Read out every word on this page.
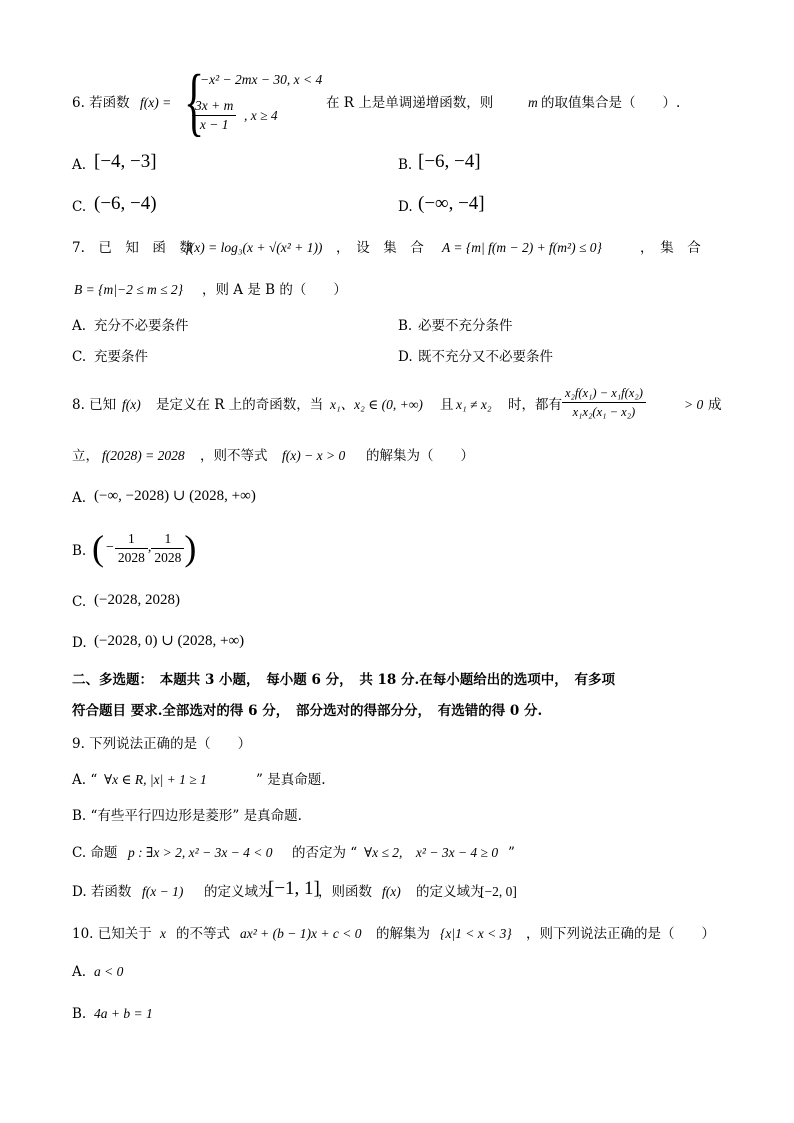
6. 若函数 f(x) = {
−x² − 2mx − 30, x < 4
$\frac{3x + m}{x - 1}$ , x ≥ 4
在 R 上是单调递增函数，则	m 的取值集合是（　　）.
A. [−4, −3]	B. [−6, −4]
C. (−6, −4)	D. (−∞, −4]
7.　已　知　函　数
f(x) = log₃(x + √(x² + 1)) ，　设　集　合 A = {m| f(m − 2) + f(m²) ≤ 0}	，　集　合
B = {m|−2 ≤ m ≤ 2} ，则 A 是 B 的（　　）
A. 充分不必要条件	B. 必要不充分条件
C. 充要条件	D. 既不充分又不必要条件
8. 已知 f(x) 是定义在 R 上的奇函数，当 x₁、x₂ ∈ (0, +∞) 且 x₁ ≠ x₂ 时，都有 $\frac{\text{x₂f(x₁) − x₁f(x₂)}}{\text{x₁x₂(x₁ − x₂)}}$	> 0 成
立， f(2028) = 2028 ，则不等式 f(x) − x > 0 的解集为（　　）
A. (−∞, −2028) ∪ (2028, +∞)
B. ( − $\frac{1}{2028}$ , $\frac{1}{2028}$ )
C. (−2028, 2028)
D. (−2028, 0) ∪ (2028, +∞)
二、多选题：　本题共 3 小题，　每小题 6 分，　共 18 分.在每小题给出的选项中，　有多项
符合题目 要求.全部选对的得 6 分，　部分选对的得部分分，　有选错的得 0 分.
9. 下列说法正确的是（　　）
A. “ ∀x ∈ R, |x| + 1 ≥ 1	” 是真命题.
B. “有些平行四边形是菱形” 是真命题.
C. 命题 p : ∃x > 2, x² − 3x − 4 < 0 的否定为 “ ∀x ≤ 2,　x² − 3x − 4 ≥ 0 ”
D. 若函数 f(x − 1) 的定义域为
[−1, 1]
，则函数 f(x) 的定义域为
[−2, 0]
10. 已知关于 x 的不等式 ax² + (b − 1)x + c < 0 的解集为 {x|1 < x < 3} ，则下列说法正确的是（　　）
A. a < 0
B. 4a + b = 1
